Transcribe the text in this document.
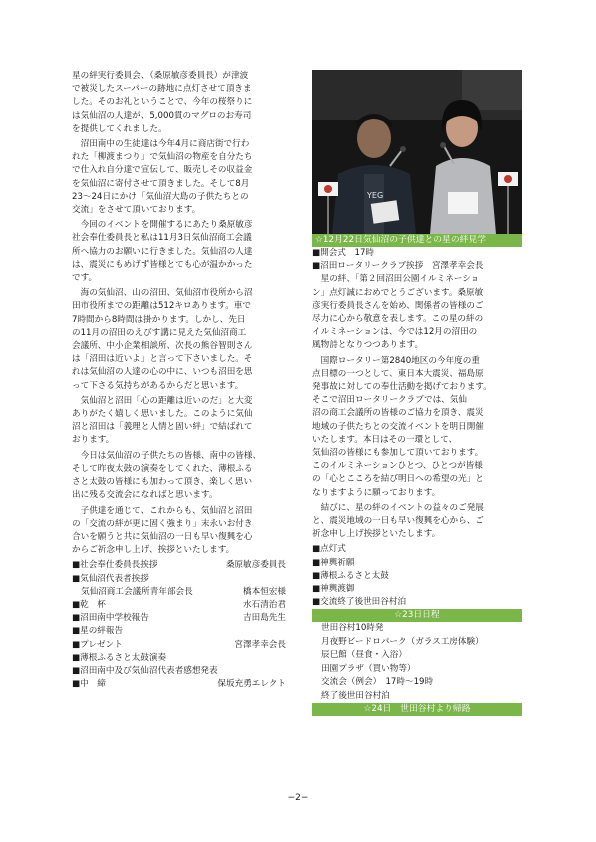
星の絆実行委員会、（桑原敏彦委員長）が津波
で被災したスーパーの跡地に点灯させて頂きま
した。そのお礼ということで、今年の桜祭りに
は気仙沼の人達が、5,000貫のマグロのお寿司
を提供してくれました。

　沼田南中の生徒達は今年4月に商店街で行わ
れた「柳渡まつり」で気仙沼の物産を自分たち
で仕入れ自分達で宣伝して、販売しその収益金
を気仙沼に寄付させて頂きました。そして8月
23〜24日にかけ「気仙沼大島の子供たちとの
交流」をさせて頂いております。

　今回のイベントを開催するにあたり桑原敏彦
社会奉仕委員長と私は11月3日気仙沼商工会議
所へ協力のお願いに行きました。気仙沼の人達
は、震災にもめげず皆様とても心が温かかった
です。

　海の気仙沼、山の沼田、気仙沼市役所から沼
田市役所までの距離は512キロあります。車で
7時間から8時間は掛かります。しかし、先日
の11月の沼田のえびす講に見えた気仙沼商工
会議所、中小企業相談所、次長の熊谷智則さん
は「沼田は近いよ」と言って下さいました。そ
れは気仙沼の人達の心の中に、いつも沼田を思
って下さる気持ちがあるからだと思います。

　気仙沼と沼田「心の距離は近いのだ」と大変
ありがたく嬉しく思いました。このように気仙
沼と沼田は「義理と人情と固い絆」で結ばれて
おります。

　今日は気仙沼の子供たちの皆様、南中の皆様、
そして昨夜太鼓の演奏をしてくれた、薄根ふる
さと太鼓の皆様にも加わって頂き、楽しく思い
出に残る交流会になればと思います。

　子供達を通じて、これからも、気仙沼と沼田
の「交流の絆が更に固く強まり」末永いお付き
合いを願うと共に気仙沼の一日も早い復興を心
からご祈念申し上げ、挨拶といたします。

■社会奉仕委員長挨拶	桑原敏彦委員長
■気仙沼代表者挨拶
気仙沼商工会議所青年部会長	橋本恒宏様
■乾　杯	水石清治君
■沼田南中学校報告	吉田島先生
■星の絆報告
■プレゼント	宮澤孝幸会長
■薄根ふるさと太鼓演奏
■沼田南中及び気仙沼代表者感想発表
■中　締	保坂充勇エレクト
YEG

☆12月22日気仙沼の子供達との星の絆見学

■開会式　17時

■沼田ロータリークラブ挨拶　宮澤孝幸会長

　星の絆、「第２回沼田公園イルミネーショ
ン」点灯誠におめでとうございます。桑原敏
彦実行委員長さんを始め、関係者の皆様のご
尽力に心から敬意を表します。この星の絆の
イルミネーションは、今では12月の沼田の
風物詩となりつつあります。

　国際ロータリー第2840地区の今年度の重
点目標の一つとして、東日本大震災、福島原
発事故に対しての奉仕活動を掲げております。
そこで沼田ロータリークラブでは、気仙
沼の商工会議所の皆様のご協力を頂き、震災
地域の子供たちとの交流イベントを明日開催
いたします。本日はその一環として、
気仙沼の皆様にも参加して頂いております。
このイルミネーションひとつ、ひとつが皆様
の「心とこころを結び明日への希望の光」と
なりますように願っております。

　結びに、星の絆のイベントの益々のご発展
と、震災地域の一日も早い復興を心から、ご
祈念申し上げ挨拶といたします。

■点灯式

■神輿祈願

■薄根ふるさと太鼓

■神輿渡御

■交流終了後世田谷村泊

☆23日日程

世田谷村10時発
月夜野ビードロパーク（ガラス工房体験）
辰巳館（昼食・入浴）
田園プラザ（買い物等）
交流会（例会）　17時〜19時
終了後世田谷村泊

☆24日　世田谷村より帰路

−2−
